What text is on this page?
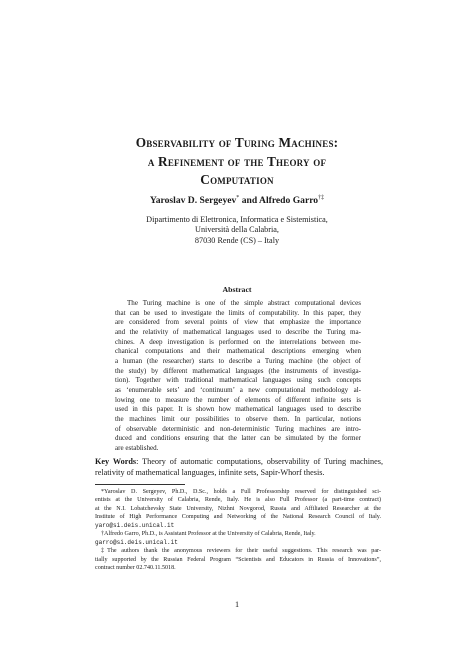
Observability of Turing Machines:
a Refinement of the Theory of
Computation
Yaroslav D. Sergeyev* and Alfredo Garro†‡
Dipartimento di Elettronica, Informatica e Sistemistica,
Università della Calabria,
87030 Rende (CS) – Italy
Abstract
The Turing machine is one of the simple abstract computational devices
that can be used to investigate the limits of computability. In this paper, they
are considered from several points of view that emphasize the importance
and the relativity of mathematical languages used to describe the Turing ma-
chines. A deep investigation is performed on the interrelations between me-
chanical computations and their mathematical descriptions emerging when
a human (the researcher) starts to describe a Turing machine (the object of
the study) by different mathematical languages (the instruments of investiga-
tion). Together with traditional mathematical languages using such concepts
as ‘enumerable sets’ and ‘continuum’ a new computational methodology al-
lowing one to measure the number of elements of different infinite sets is
used in this paper. It is shown how mathematical languages used to describe
the machines limit our possibilities to observe them. In particular, notions
of observable deterministic and non-deterministic Turing machines are intro-
duced and conditions ensuring that the latter can be simulated by the former
are established.
Key Words: Theory of automatic computations, observability of Turing machines,
relativity of mathematical languages, infinite sets, Sapir-Whorf thesis.
*Yaroslav D. Sergeyev, Ph.D., D.Sc., holds a Full Professorship reserved for distinguished sci-
entists at the University of Calabria, Rende, Italy. He is also Full Professor (a part-time contract)
at the N.I. Lobatchevsky State University, Nizhni Novgorod, Russia and Affiliated Researcher at the
Institute of High Performance Computing and Networking of the National Research Council of Italy.
yaro@si.deis.unical.it
†Alfredo Garro, Ph.D., is Assistant Professor at the University of Calabria, Rende, Italy.
garro@si.deis.unical.it
‡The authors thank the anonymous reviewers for their useful suggestions. This research was par-
tially supported by the Russian Federal Program “Scientists and Educators in Russia of Innovations”,
contract number 02.740.11.5018.
1
